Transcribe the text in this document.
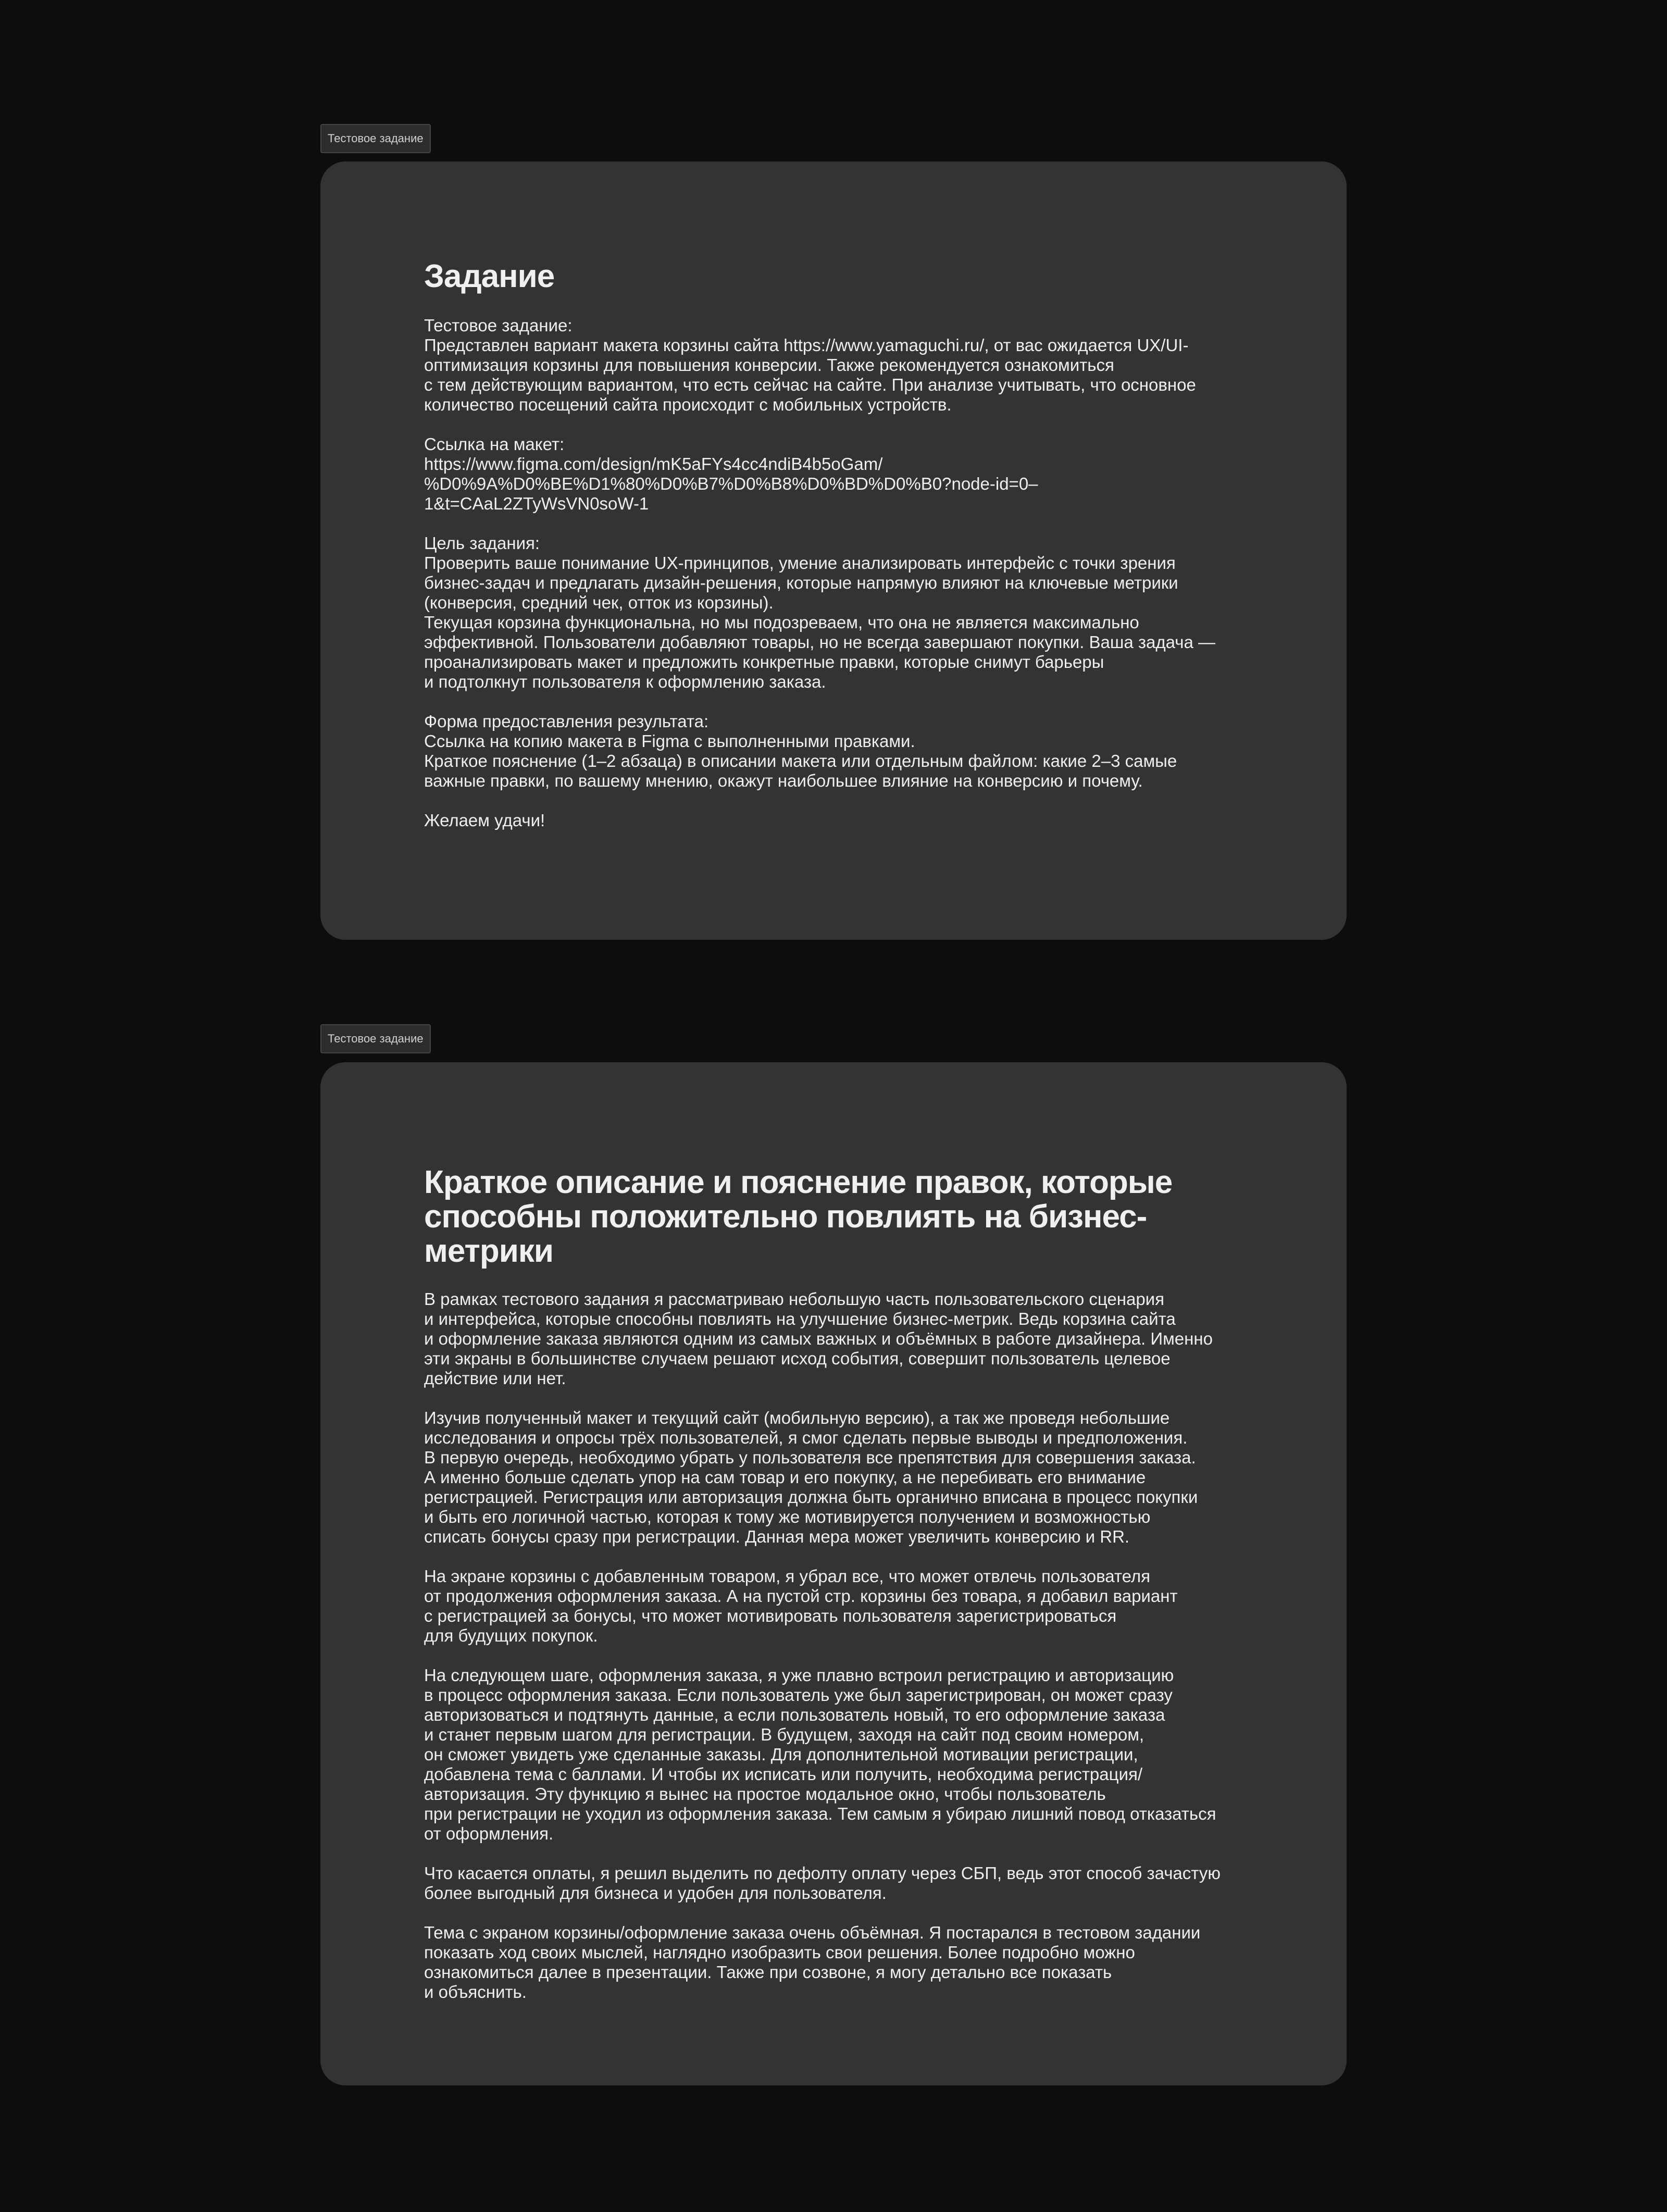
Тестовое задание
Задание

Тестовое задание:
Представлен вариант макета корзины сайта https://www.yamaguchi.ru/, от вас ожидается UX/UI-
оптимизация корзины для повышения конверсии. Также рекомендуется ознакомиться
с тем действующим вариантом, что есть сейчас на сайте. При анализе учитывать, что основное
количество посещений сайта происходит с мобильных устройств.

Ссылка на макет:
https://www.figma.com/design/mK5aFYs4cc4ndiB4b5oGam/
%D0%9A%D0%BE%D1%80%D0%B7%D0%B8%D0%BD%D0%B0?node-id=0–
1&t=CAaL2ZTyWsVN0soW-1

Цель задания:
Проверить ваше понимание UX-принципов, умение анализировать интерфейс с точки зрения
бизнес-задач и предлагать дизайн-решения, которые напрямую влияют на ключевые метрики
(конверсия, средний чек, отток из корзины).
Текущая корзина функциональна, но мы подозреваем, что она не является максимально
эффективной. Пользователи добавляют товары, но не всегда завершают покупки. Ваша задача —
проанализировать макет и предложить конкретные правки, которые снимут барьеры
и подтолкнут пользователя к оформлению заказа.

Форма предоставления результата:
Ссылка на копию макета в Figma с выполненными правками.
Краткое пояснение (1–2 абзаца) в описании макета или отдельным файлом: какие 2–3 самые
важные правки, по вашему мнению, окажут наибольшее влияние на конверсию и почему.

Желаем удачи!

Тестовое задание
Краткое описание и пояснение правок, которые
способны положительно повлиять на бизнес-
метрики

В рамках тестового задания я рассматриваю небольшую часть пользовательского сценария
и интерфейса, которые способны повлиять на улучшение бизнес-метрик. Ведь корзина сайта
и оформление заказа являются одним из самых важных и объёмных в работе дизайнера. Именно
эти экраны в большинстве случаем решают исход события, совершит пользователь целевое
действие или нет.

Изучив полученный макет и текущий сайт (мобильную версию), а так же проведя небольшие
исследования и опросы трёх пользователей, я смог сделать первые выводы и предположения.
В первую очередь, необходимо убрать у пользователя все препятствия для совершения заказа.
А именно больше сделать упор на сам товар и его покупку, а не перебивать его внимание
регистрацией. Регистрация или авторизация должна быть органично вписана в процесс покупки
и быть его логичной частью, которая к тому же мотивируется получением и возможностью
списать бонусы сразу при регистрации. Данная мера может увеличить конверсию и RR.

На экране корзины с добавленным товаром, я убрал все, что может отвлечь пользователя
от продолжения оформления заказа. А на пустой стр. корзины без товара, я добавил вариант
с регистрацией за бонусы, что может мотивировать пользователя зарегистрироваться
для будущих покупок.

На следующем шаге, оформления заказа, я уже плавно встроил регистрацию и авторизацию
в процесс оформления заказа. Если пользователь уже был зарегистрирован, он может сразу
авторизоваться и подтянуть данные, а если пользователь новый, то его оформление заказа
и станет первым шагом для регистрации. В будущем, заходя на сайт под своим номером,
он сможет увидеть уже сделанные заказы. Для дополнительной мотивации регистрации,
добавлена тема с баллами. И чтобы их исписать или получить, необходима регистрация/
авторизация. Эту функцию я вынес на простое модальное окно, чтобы пользователь
при регистрации не уходил из оформления заказа. Тем самым я убираю лишний повод отказаться
от оформления.

Что касается оплаты, я решил выделить по дефолту оплату через СБП, ведь этот способ зачастую
более выгодный для бизнеса и удобен для пользователя.

Тема с экраном корзины/оформление заказа очень объёмная. Я постарался в тестовом задании
показать ход своих мыслей, наглядно изобразить свои решения. Более подробно можно
ознакомиться далее в презентации. Также при созвоне, я могу детально все показать
и объяснить.
